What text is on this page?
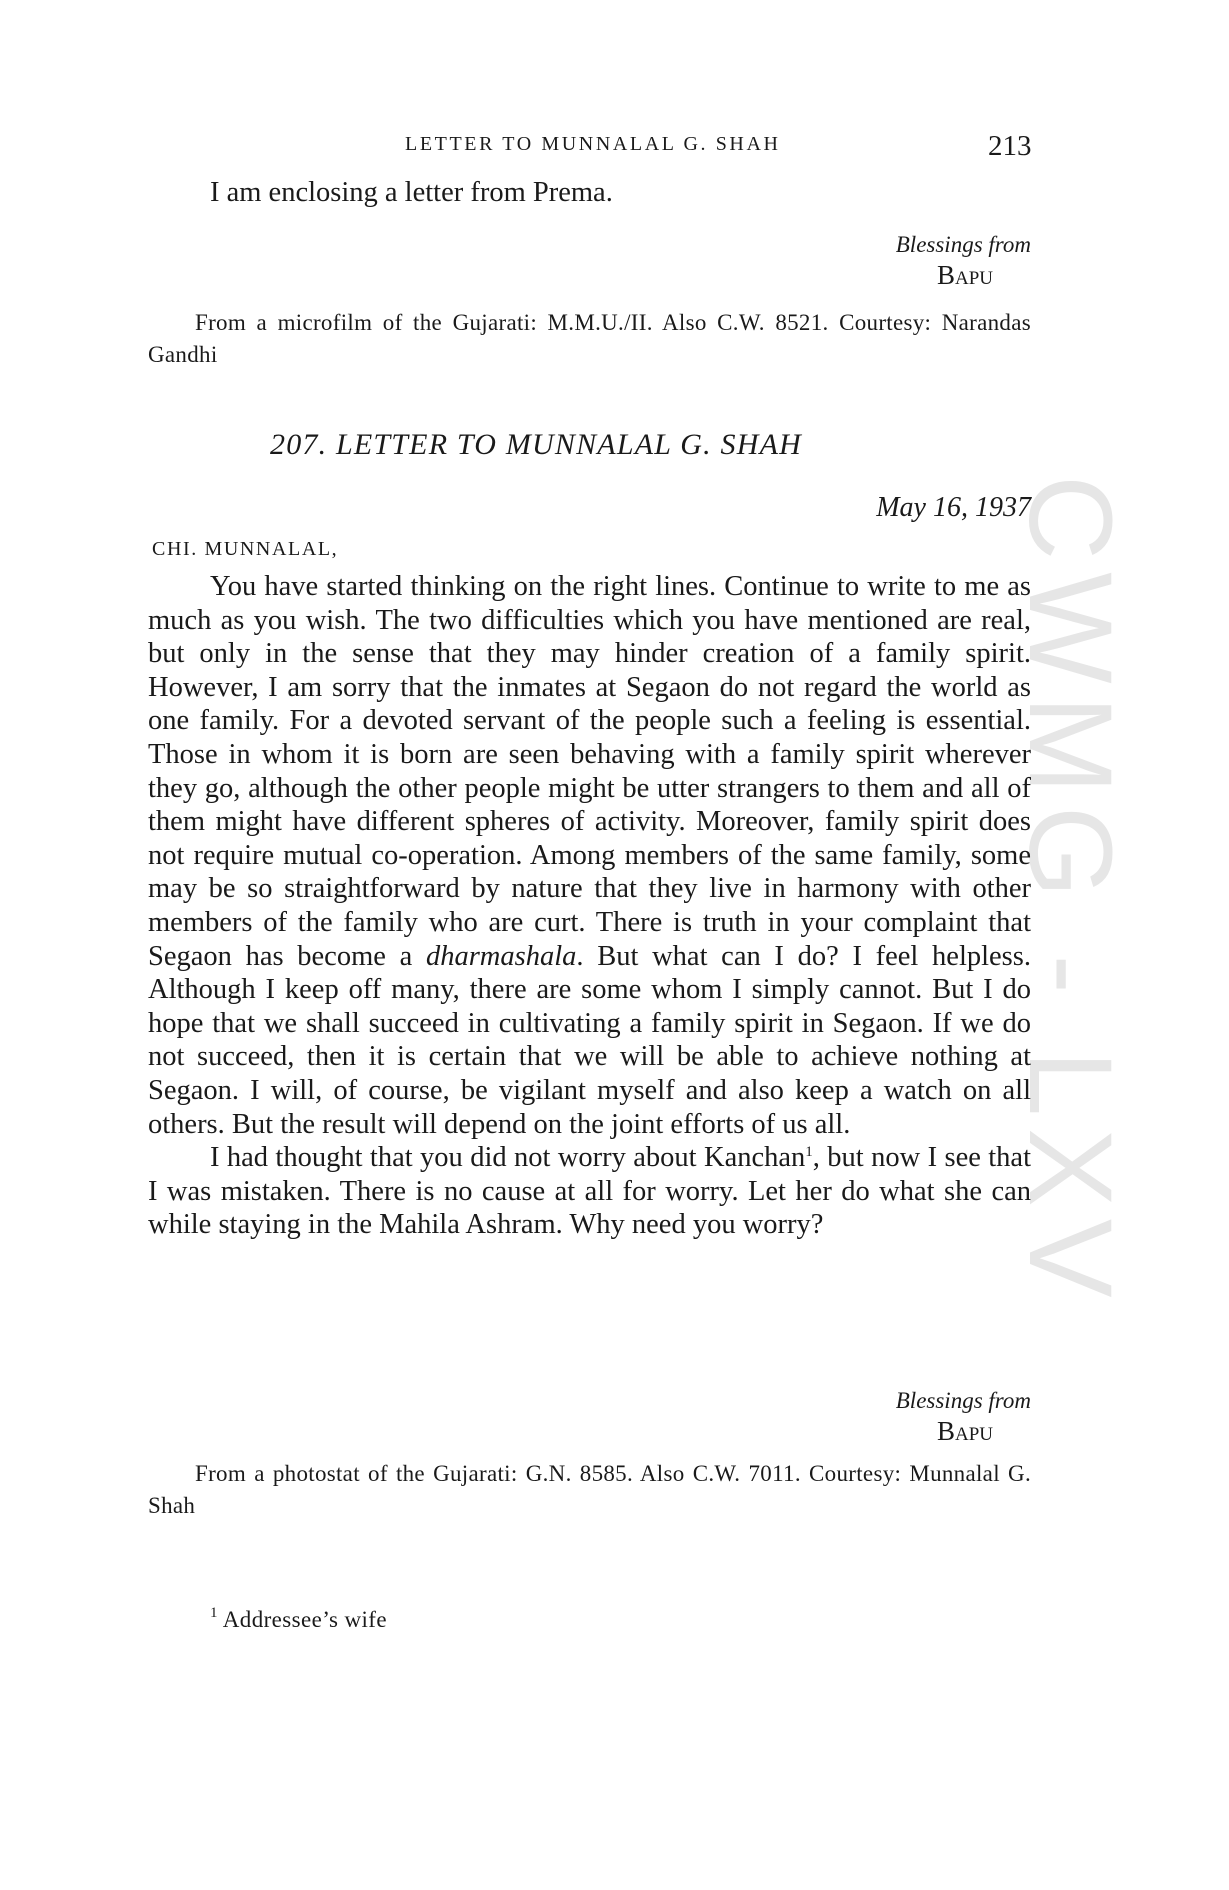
CWMG - LXV
LETTER TO MUNNALAL G. SHAH	213

I am enclosing a letter from Prema.

Blessings from

Bapu

From a microfilm of the Gujarati: M.M.U./II. Also C.W. 8521. Courtesy: Narandas Gandhi

207. LETTER TO MUNNALAL G. SHAH
May 16, 1937
CHI. MUNNALAL,

You have started thinking on the right lines. Continue to write to me as much as you wish. The two difficulties which you have mentioned are real, but only in the sense that they may hinder creation of a family spirit. However, I am sorry that the inmates at Segaon do not regard the world as one family. For a devoted servant of the people such a feeling is essential. Those in whom it is born are seen behaving with a family spirit wherever they go, although the other people might be utter strangers to them and all of them might have different spheres of activity. Moreover, family spirit does not require mutual co-operation. Among members of the same family, some may be so straightforward by nature that they live in harmony with other members of the family who are curt. There is truth in your complaint that Segaon has become a dharmashala. But what can I do? I feel helpless. Although I keep off many, there are some whom I simply cannot. But I do hope that we shall succeed in cultivating a family spirit in Segaon. If we do not succeed, then it is certain that we will be able to achieve nothing at Segaon. I will, of course, be vigilant myself and also keep a watch on all others. But the result will depend on the joint efforts of us all.

I had thought that you did not worry about Kanchan$^1$, but now I see that I was mistaken. There is no cause at all for worry. Let her do what she can while staying in the Mahila Ashram. Why need you worry?

Blessings from

Bapu

From a photostat of the Gujarati: G.N. 8585. Also C.W. 7011. Courtesy: Munnalal G. Shah

$^1$ Addressee’s wife
